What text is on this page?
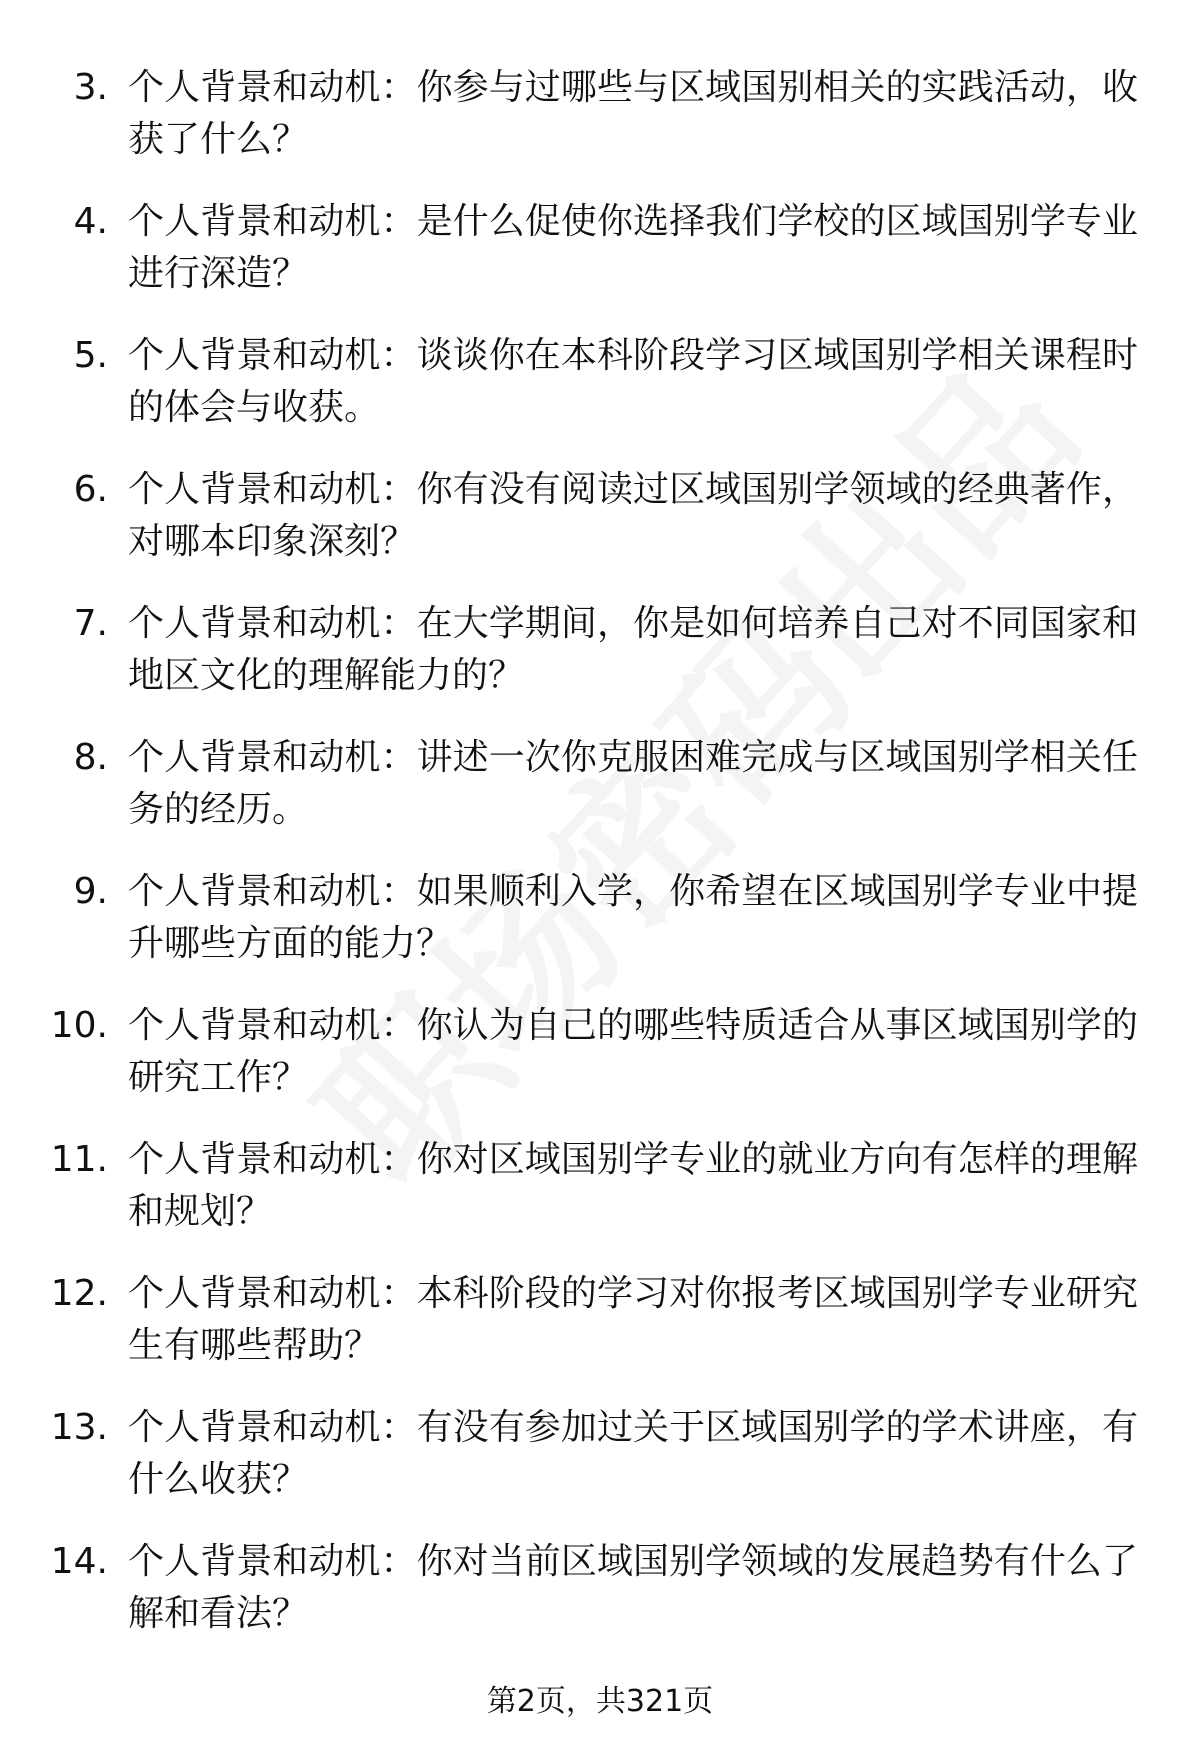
3. 个人背景和动机：你参与过哪些与区域国别相关的实践活动，收获了什么？
4. 个人背景和动机：是什么促使你选择我们学校的区域国别学专业进行深造？
5. 个人背景和动机：谈谈你在本科阶段学习区域国别学相关课程时的体会与收获。
6. 个人背景和动机：你有没有阅读过区域国别学领域的经典著作，对哪本印象深刻？
7. 个人背景和动机：在大学期间，你是如何培养自己对不同国家和地区文化的理解能力的？
8. 个人背景和动机：讲述一次你克服困难完成与区域国别学相关任务的经历。
9. 个人背景和动机：如果顺利入学，你希望在区域国别学专业中提升哪些方面的能力？
10. 个人背景和动机：你认为自己的哪些特质适合从事区域国别学的研究工作？
11. 个人背景和动机：你对区域国别学专业的就业方向有怎样的理解和规划？
12. 个人背景和动机：本科阶段的学习对你报考区域国别学专业研究生有哪些帮助？
13. 个人背景和动机：有没有参加过关于区域国别学的学术讲座，有什么收获？
14. 个人背景和动机：你对当前区域国别学领域的发展趋势有什么了解和看法？
第2页，共321页
